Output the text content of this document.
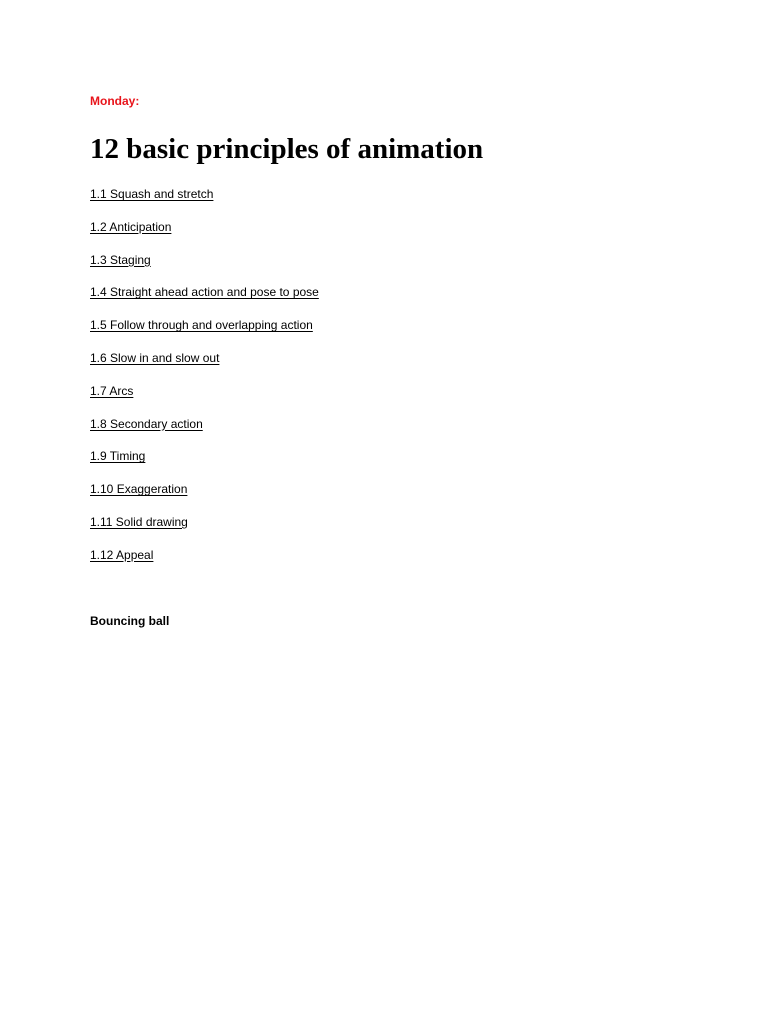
Monday:
12 basic principles of animation
1.1 Squash and stretch
1.2 Anticipation
1.3 Staging
1.4 Straight ahead action and pose to pose
1.5 Follow through and overlapping action
1.6 Slow in and slow out
1.7 Arcs
1.8 Secondary action
1.9 Timing
1.10 Exaggeration
1.11 Solid drawing
1.12 Appeal
Bouncing ball
